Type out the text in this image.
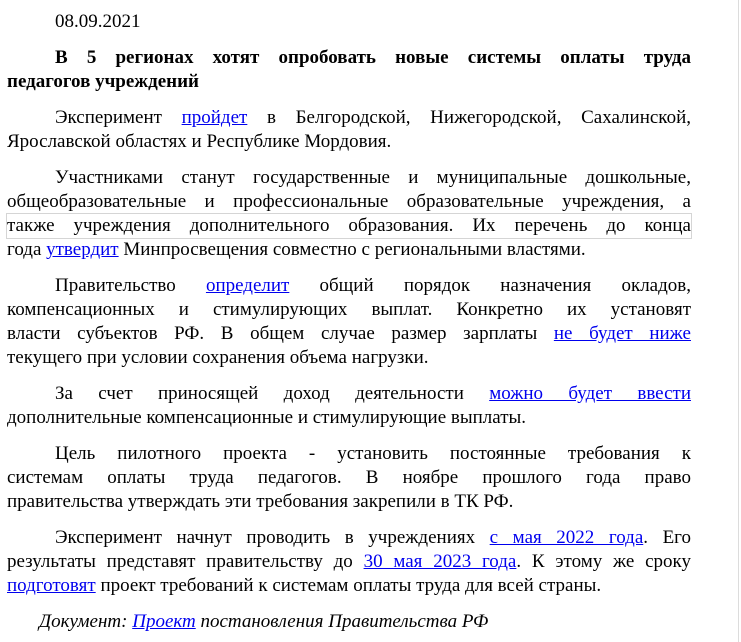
08.09.2021
В 5 регионах хотят опробовать новые системы оплаты труда
педагогов учреждений
Эксперимент пройдет в Белгородской, Нижегородской, Сахалинской,
Ярославской областях и Республике Мордовия.
Участниками станут государственные и муниципальные дошкольные,
общеобразовательные и профессиональные образовательные учреждения, а
также учреждения дополнительного образования. Их перечень до конца
года утвердит Минпросвещения совместно с региональными властями.
Правительство определит общий порядок назначения окладов,
компенсационных и стимулирующих выплат. Конкретно их установят
власти субъектов РФ. В общем случае размер зарплаты не будет ниже
текущего при условии сохранения объема нагрузки.
За счет приносящей доход деятельности можно будет ввести
дополнительные компенсационные и стимулирующие выплаты.
Цель пилотного проекта - установить постоянные требования к
системам оплаты труда педагогов. В ноябре прошлого года право
правительства утверждать эти требования закрепили в ТК РФ.
Эксперимент начнут проводить в учреждениях с мая 2022 года. Его
результаты представят правительству до 30 мая 2023 года. К этому же сроку
подготовят проект требований к системам оплаты труда для всей страны.
Документ: Проект постановления Правительства РФ
